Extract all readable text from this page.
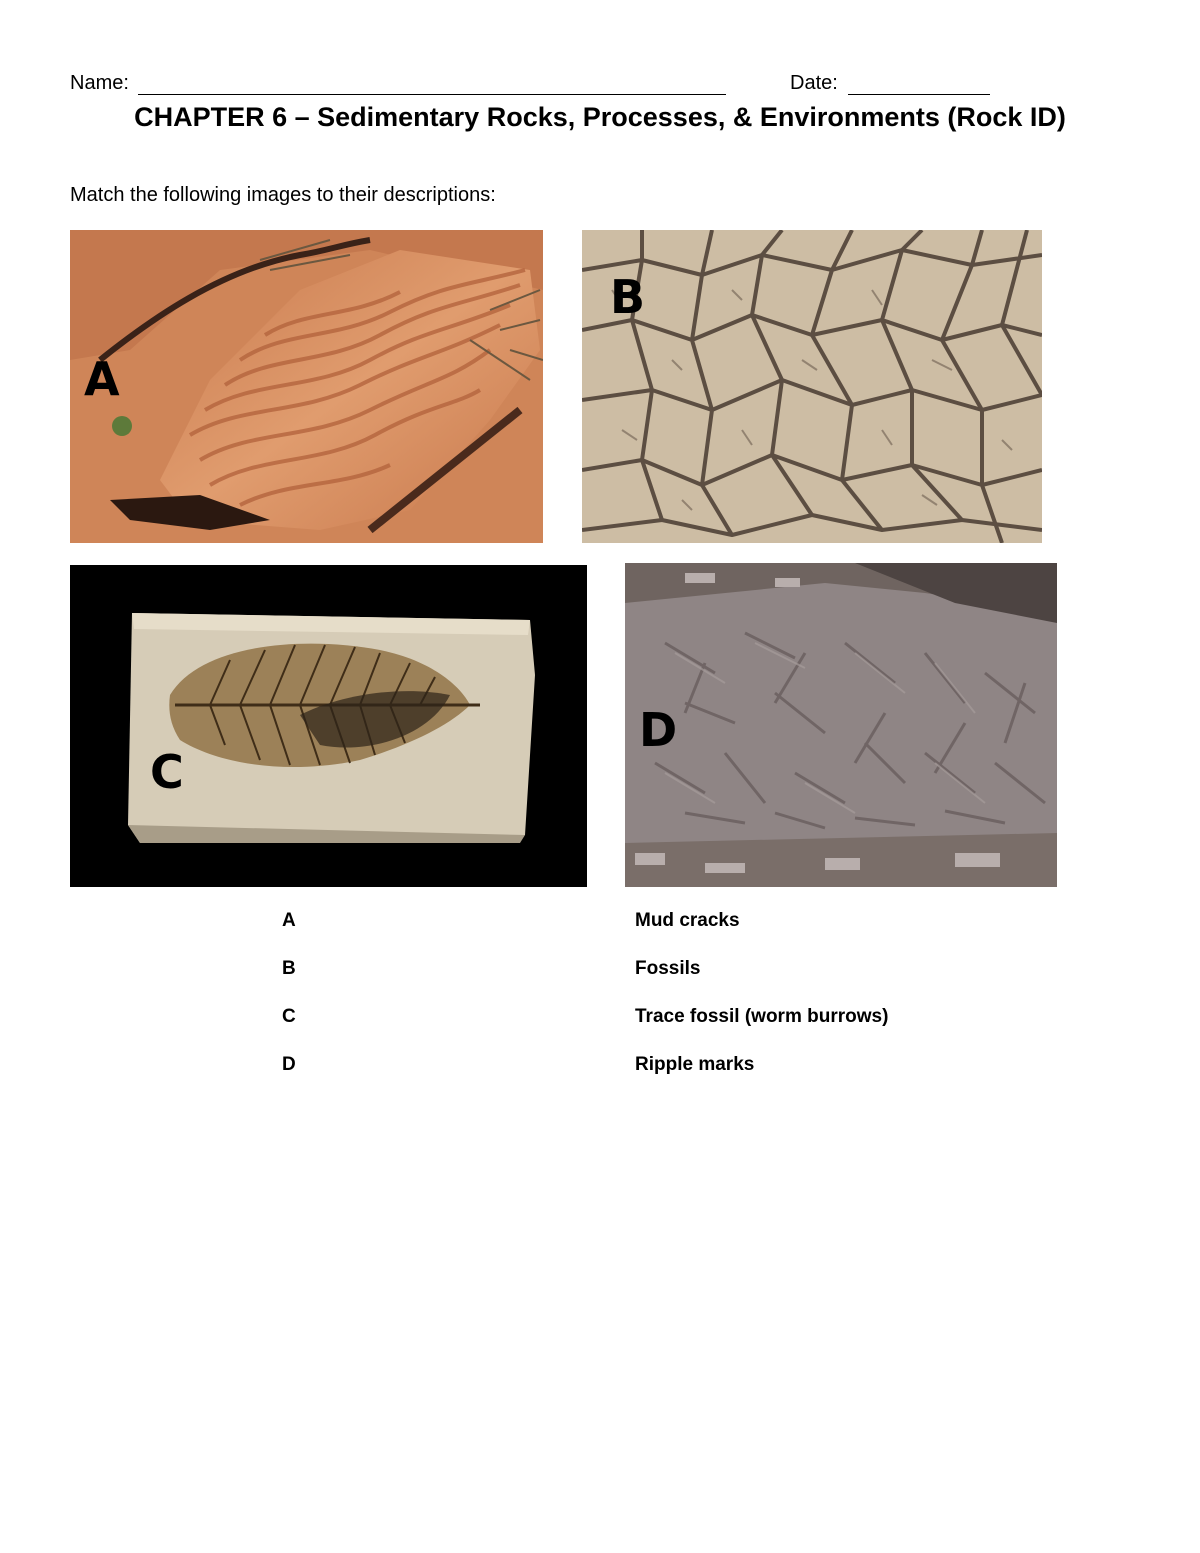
Name:	Date:
CHAPTER 6 – Sedimentary Rocks, Processes, & Environments (Rock ID)
Match the following images to their descriptions:
A
B
C
D
A
B
C
D
Mud cracks
Fossils
Trace fossil (worm burrows)
Ripple marks
